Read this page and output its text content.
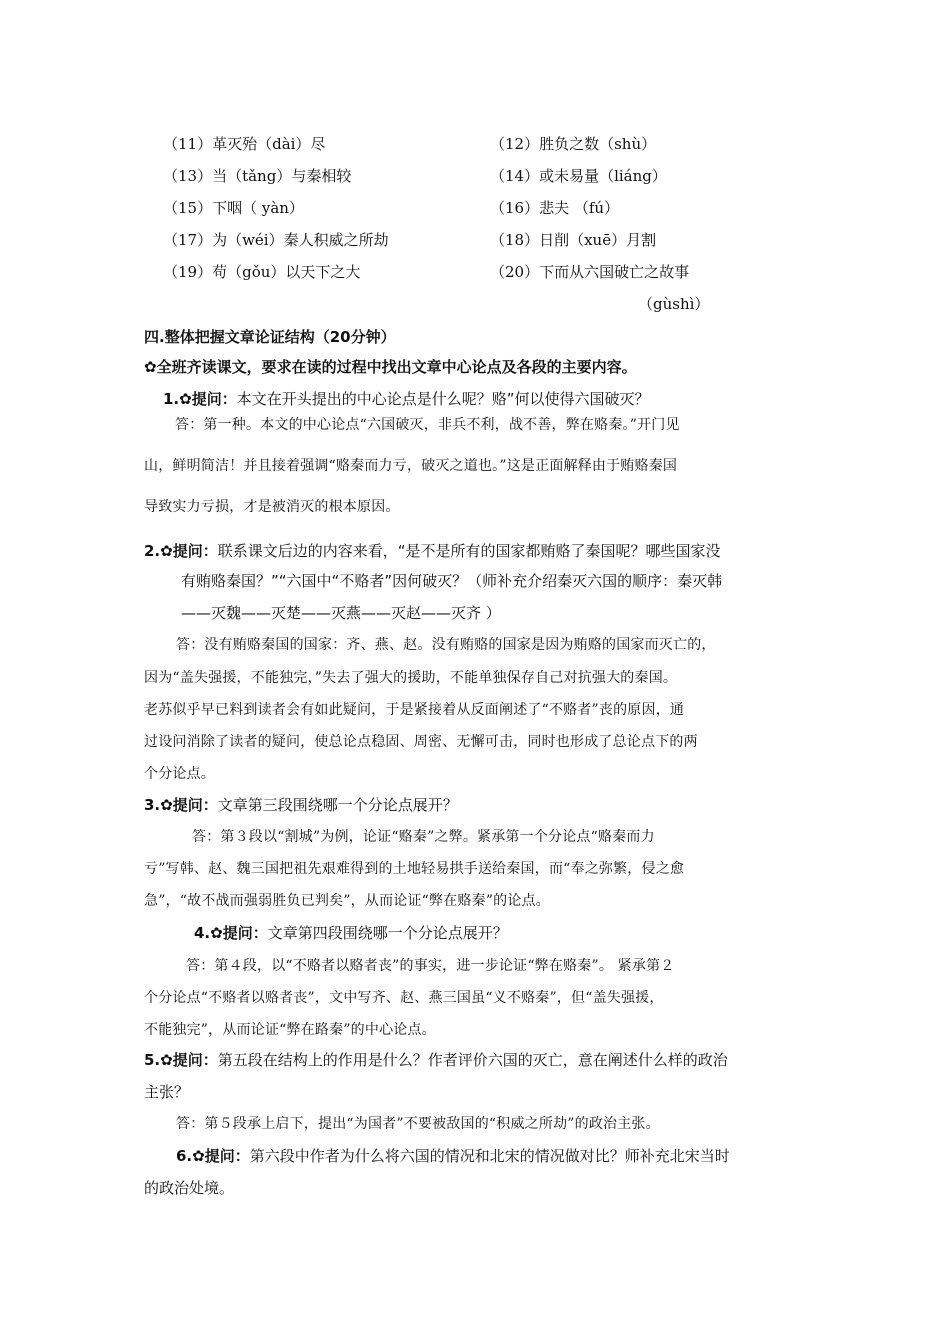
（11）革灭殆（dài）尽	（12）胜负之数（shù）
（13）当（tǎng）与秦相较	（14）或未易量（liáng）
（15）下咽（ yàn）	（16）悲夫 （fú）
（17）为（wéi）秦人积威之所劫	（18）日削（xuē）月割
（19）苟（gǒu）以天下之大	（20）下而从六国破亡之故事
（gùshì）
四.整体把握文章论证结构（20分钟）
✿全班齐读课文，要求在读的过程中找出文章中心论点及各段的主要内容。
1.✿提问：本文在开头提出的中心论点是什么呢？赂”何以使得六国破灭？
答：第一种。本文的中心论点“六国破灭，非兵不利，战不善，弊在赂秦。”开门见
山，鲜明简洁！并且接着强调“赂秦而力亏，破灭之道也。”这是正面解释由于贿赂秦国
导致实力亏损，才是被消灭的根本原因。
2.✿提问：联系课文后边的内容来看，“是不是所有的国家都贿赂了秦国呢？哪些国家没
有贿赂秦国？”“六国中“不赂者”因何破灭？（师补充介绍秦灭六国的顺序：秦灭韩
——灭魏——灭楚——灭燕——灭赵——灭齐 ）
答：没有贿赂秦国的国家：齐、燕、赵。没有贿赂的国家是因为贿赂的国家而灭亡的，
因为“盖失强援，不能独完，”失去了强大的援助，不能单独保存自己对抗强大的秦国。
老苏似乎早已料到读者会有如此疑问，于是紧接着从反面阐述了“不赂者”丧的原因，通
过设问消除了读者的疑问，使总论点稳固、周密、无懈可击，同时也形成了总论点下的两
个分论点。
3.✿提问：文章第三段围绕哪一个分论点展开？
答：第３段以“割城”为例，论证“赂秦”之弊。紧承第一个分论点“赂秦而力
亏”写韩、赵、魏三国把祖先艰难得到的土地轻易拱手送给秦国，而“奉之弥繁，侵之愈
急”，“故不战而强弱胜负已判矣”，从而论证“弊在赂秦”的论点。
4.✿提问：文章第四段围绕哪一个分论点展开？
答：第４段，以“不赂者以赂者丧”的事实，进一步论证“弊在赂秦”。 紧承第２
个分论点“不赂者以赂者丧”，文中写齐、赵、燕三国虽“义不赂秦”，但“盖失强援，
不能独完”，从而论证“弊在路秦”的中心论点。
5.✿提问：第五段在结构上的作用是什么？作者评价六国的灭亡，意在阐述什么样的政治
主张？
答：第５段承上启下，提出“为国者”不要被敌国的“积威之所劫”的政治主张。
6.✿提问：第六段中作者为什么将六国的情况和北宋的情况做对比？师补充北宋当时
的政治处境。
